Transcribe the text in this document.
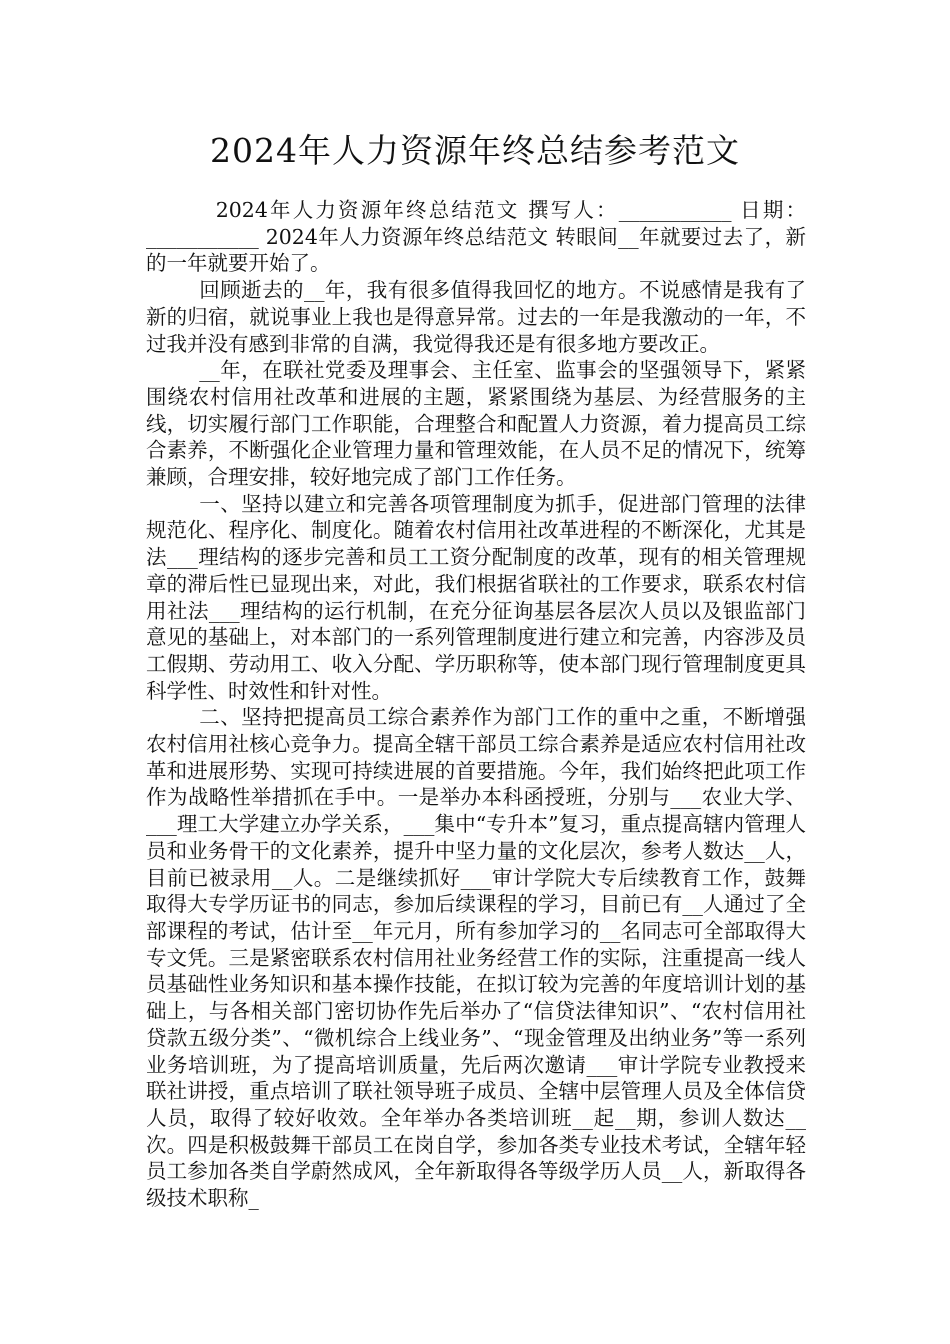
2024年人力资源年终总结参考范文

2024年人力资源年终总结范文 撰写人：___________ 日期：___________ 2024年人力资源年终总结范文 转眼间__年就要过去了，新的一年就要开始了。

回顾逝去的__年，我有很多值得我回忆的地方。不说感情是我有了新的归宿，就说事业上我也是得意异常。过去的一年是我激动的一年，不过我并没有感到非常的自满，我觉得我还是有很多地方要改正。

__年，在联社党委及理事会、主任室、监事会的坚强领导下，紧紧围绕农村信用社改革和进展的主题，紧紧围绕为基层、为经营服务的主线，切实履行部门工作职能，合理整合和配置人力资源，着力提高员工综合素养，不断强化企业管理力量和管理效能，在人员不足的情况下，统筹兼顾，合理安排，较好地完成了部门工作任务。

一、坚持以建立和完善各项管理制度为抓手，促进部门管理的法律规范化、程序化、制度化。随着农村信用社改革进程的不断深化，尤其是法___理结构的逐步完善和员工工资分配制度的改革，现有的相关管理规章的滞后性已显现出来，对此，我们根据省联社的工作要求，联系农村信用社法___理结构的运行机制，在充分征询基层各层次人员以及银监部门意见的基础上，对本部门的一系列管理制度进行建立和完善，内容涉及员工假期、劳动用工、收入分配、学历职称等，使本部门现行管理制度更具科学性、时效性和针对性。

二、坚持把提高员工综合素养作为部门工作的重中之重，不断增强农村信用社核心竞争力。提高全辖干部员工综合素养是适应农村信用社改革和进展形势、实现可持续进展的首要措施。今年，我们始终把此项工作作为战略性举措抓在手中。一是举办本科函授班，分别与___农业大学、___理工大学建立办学关系，___集中“专升本”复习，重点提高辖内管理人员和业务骨干的文化素养，提升中坚力量的文化层次，参考人数达__人，目前已被录用__人。二是继续抓好___审计学院大专后续教育工作，鼓舞取得大专学历证书的同志，参加后续课程的学习，目前已有__人通过了全部课程的考试，估计至__年元月，所有参加学习的__名同志可全部取得大专文凭。三是紧密联系农村信用社业务经营工作的实际，注重提高一线人员基础性业务知识和基本操作技能，在拟订较为完善的年度培训计划的基础上，与各相关部门密切协作先后举办了“信贷法律知识”、“农村信用社贷款五级分类”、“微机综合上线业务”、“现金管理及出纳业务”等一系列业务培训班，为了提高培训质量，先后两次邀请___审计学院专业教授来联社讲授，重点培训了联社领导班子成员、全辖中层管理人员及全体信贷人员，取得了较好收效。全年举办各类培训班__起__期，参训人数达__次。四是积极鼓舞干部员工在岗自学，参加各类专业技术考试，全辖年轻员工参加各类自学蔚然成风，全年新取得各等级学历人员__人，新取得各级技术职称_
